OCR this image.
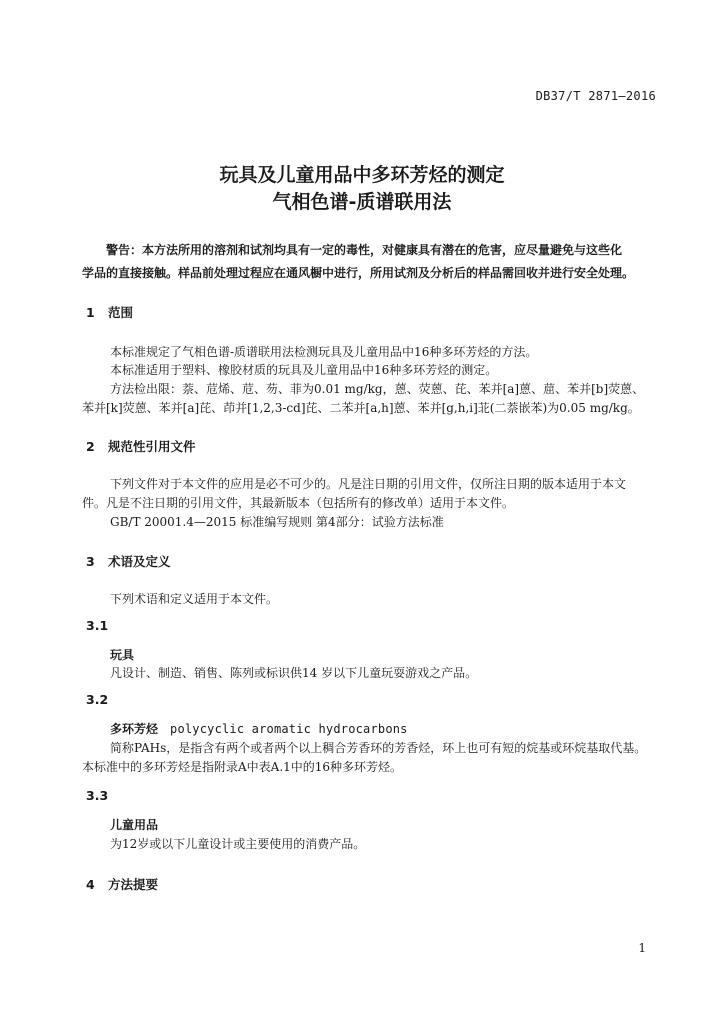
DB37/T 2871—2016
玩具及儿童用品中多环芳烃的测定
气相色谱-质谱联用法
警告：本方法所用的溶剂和试剂均具有一定的毒性，对健康具有潜在的危害，应尽量避免与这些化
学品的直接接触。样品前处理过程应在通风橱中进行，所用试剂及分析后的样品需回收并进行安全处理。
1 范围
本标准规定了气相色谱-质谱联用法检测玩具及儿童用品中16种多环芳烃的方法。
本标准适用于塑料、橡胶材质的玩具及儿童用品中16种多环芳烃的测定。
方法检出限：萘、苊烯、苊、芴、菲为0.01 mg/kg，蒽、荧蒽、芘、苯并[a]蒽、䓛、苯并[b]荧蒽、
苯并[k]荧蒽、苯并[a]芘、茚并[1,2,3-cd]芘、二苯并[a,h]蒽、苯并[g,h,i]苝(二萘嵌苯)为0.05 mg/kg。
2 规范性引用文件
下列文件对于本文件的应用是必不可少的。凡是注日期的引用文件，仅所注日期的版本适用于本文
件。凡是不注日期的引用文件，其最新版本（包括所有的修改单）适用于本文件。
GB/T 20001.4—2015 标准编写规则 第4部分：试验方法标准
3 术语及定义
下列术语和定义适用于本文件。
3.1
玩具
凡设计、制造、销售、陈列或标识供14 岁以下儿童玩耍游戏之产品。
3.2
多环芳烃 polycyclic aromatic hydrocarbons
简称PAHs，是指含有两个或者两个以上稠合芳香环的芳香烃，环上也可有短的烷基或环烷基取代基。
本标准中的多环芳烃是指附录A中表A.1中的16种多环芳烃。
3.3
儿童用品
为12岁或以下儿童设计或主要使用的消费产品。
4 方法提要
1
